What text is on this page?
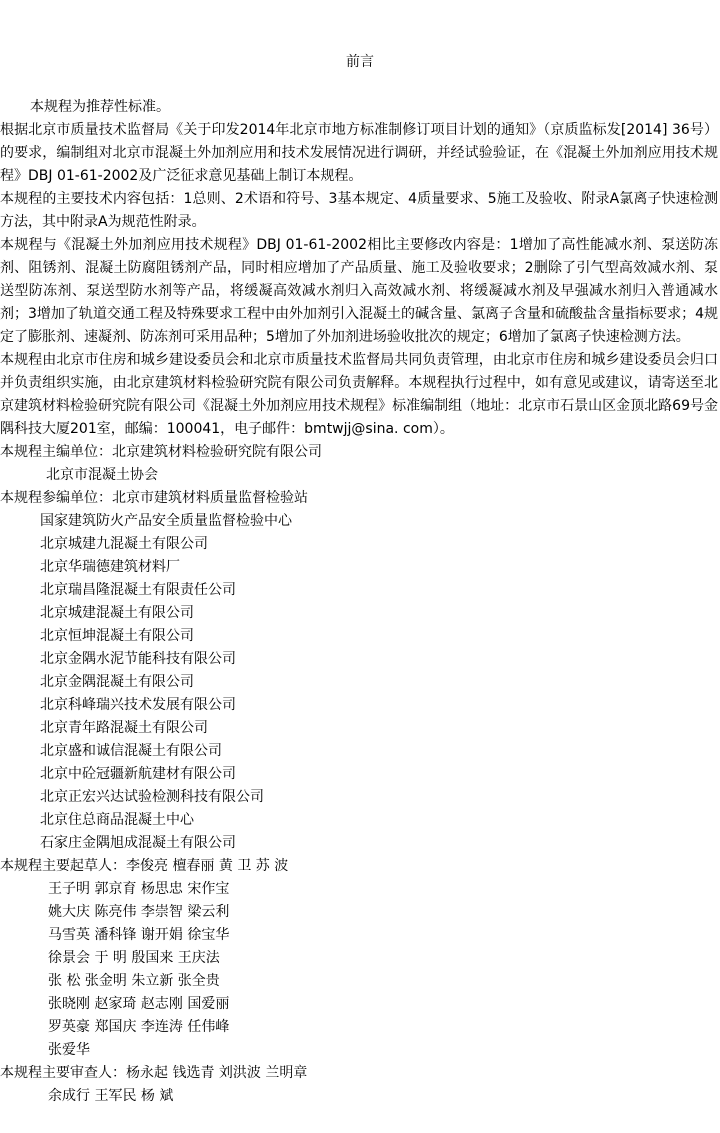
前言

本规程为推荐性标准。

根据北京市质量技术监督局《关于印发2014年北京市地方标准制修订项目计划的通知》（京质监标发[2014] 36号）的要求，编制组对北京市混凝土外加剂应用和技术发展情况进行调研，并经试验验证，在《混凝土外加剂应用技术规程》DBJ 01-61-2002及广泛征求意见基础上制订本规程。

本规程的主要技术内容包括：1总则、2术语和符号、3基本规定、4质量要求、5施工及验收、附录A氯离子快速检测方法，其中附录A为规范性附录。

本规程与《混凝土外加剂应用技术规程》DBJ 01-61-2002相比主要修改内容是：1增加了高性能减水剂、泵送防冻剂、阻锈剂、混凝土防腐阻锈剂产品，同时相应增加了产品质量、施工及验收要求；2删除了引气型高效减水剂、泵送型防冻剂、泵送型防水剂等产品，将缓凝高效减水剂归入高效减水剂、将缓凝减水剂及早强减水剂归入普通减水剂；3增加了轨道交通工程及特殊要求工程中由外加剂引入混凝土的碱含量、氯离子含量和硫酸盐含量指标要求；4规定了膨胀剂、速凝剂、防冻剂可采用品种；5增加了外加剂进场验收批次的规定；6增加了氯离子快速检测方法。

本规程由北京市住房和城乡建设委员会和北京市质量技术监督局共同负责管理，由北京市住房和城乡建设委员会归口并负责组织实施，由北京建筑材料检验研究院有限公司负责解释。本规程执行过程中，如有意见或建议，请寄送至北京建筑材料检验研究院有限公司《混凝土外加剂应用技术规程》标准编制组（地址：北京市石景山区金顶北路69号金隅科技大厦201室，邮编：100041，电子邮件：bmtwjj@sina. com）。

本规程主编单位：北京建筑材料检验研究院有限公司

北京市混凝土协会

本规程参编单位：北京市建筑材料质量监督检验站

国家建筑防火产品安全质量监督检验中心

北京城建九混凝土有限公司

北京华瑞德建筑材料厂

北京瑞昌隆混凝土有限责任公司

北京城建混凝土有限公司

北京恒坤混凝土有限公司

北京金隅水泥节能科技有限公司

北京金隅混凝土有限公司

北京科峰瑞兴技术发展有限公司

北京青年路混凝土有限公司

北京盛和诚信混凝土有限公司

北京中砼冠疆新航建材有限公司

北京正宏兴达试验检测科技有限公司

北京住总商品混凝土中心

石家庄金隅旭成混凝土有限公司

本规程主要起草人：李俊亮 檀春丽 黄 卫 苏 波

王子明 郭京育 杨思忠 宋作宝

姚大庆 陈亮伟 李崇智 梁云利

马雪英 潘科锋 谢开娟 徐宝华

徐景会 于 明 殷国来 王庆法

张 松 张金明 朱立新 张全贵

张晓刚 赵家琦 赵志刚 国爱丽

罗英豪 郑国庆 李连涛 任伟峰

张爱华

本规程主要审查人：杨永起 钱选青 刘洪波 兰明章

余成行 王军民 杨 斌
